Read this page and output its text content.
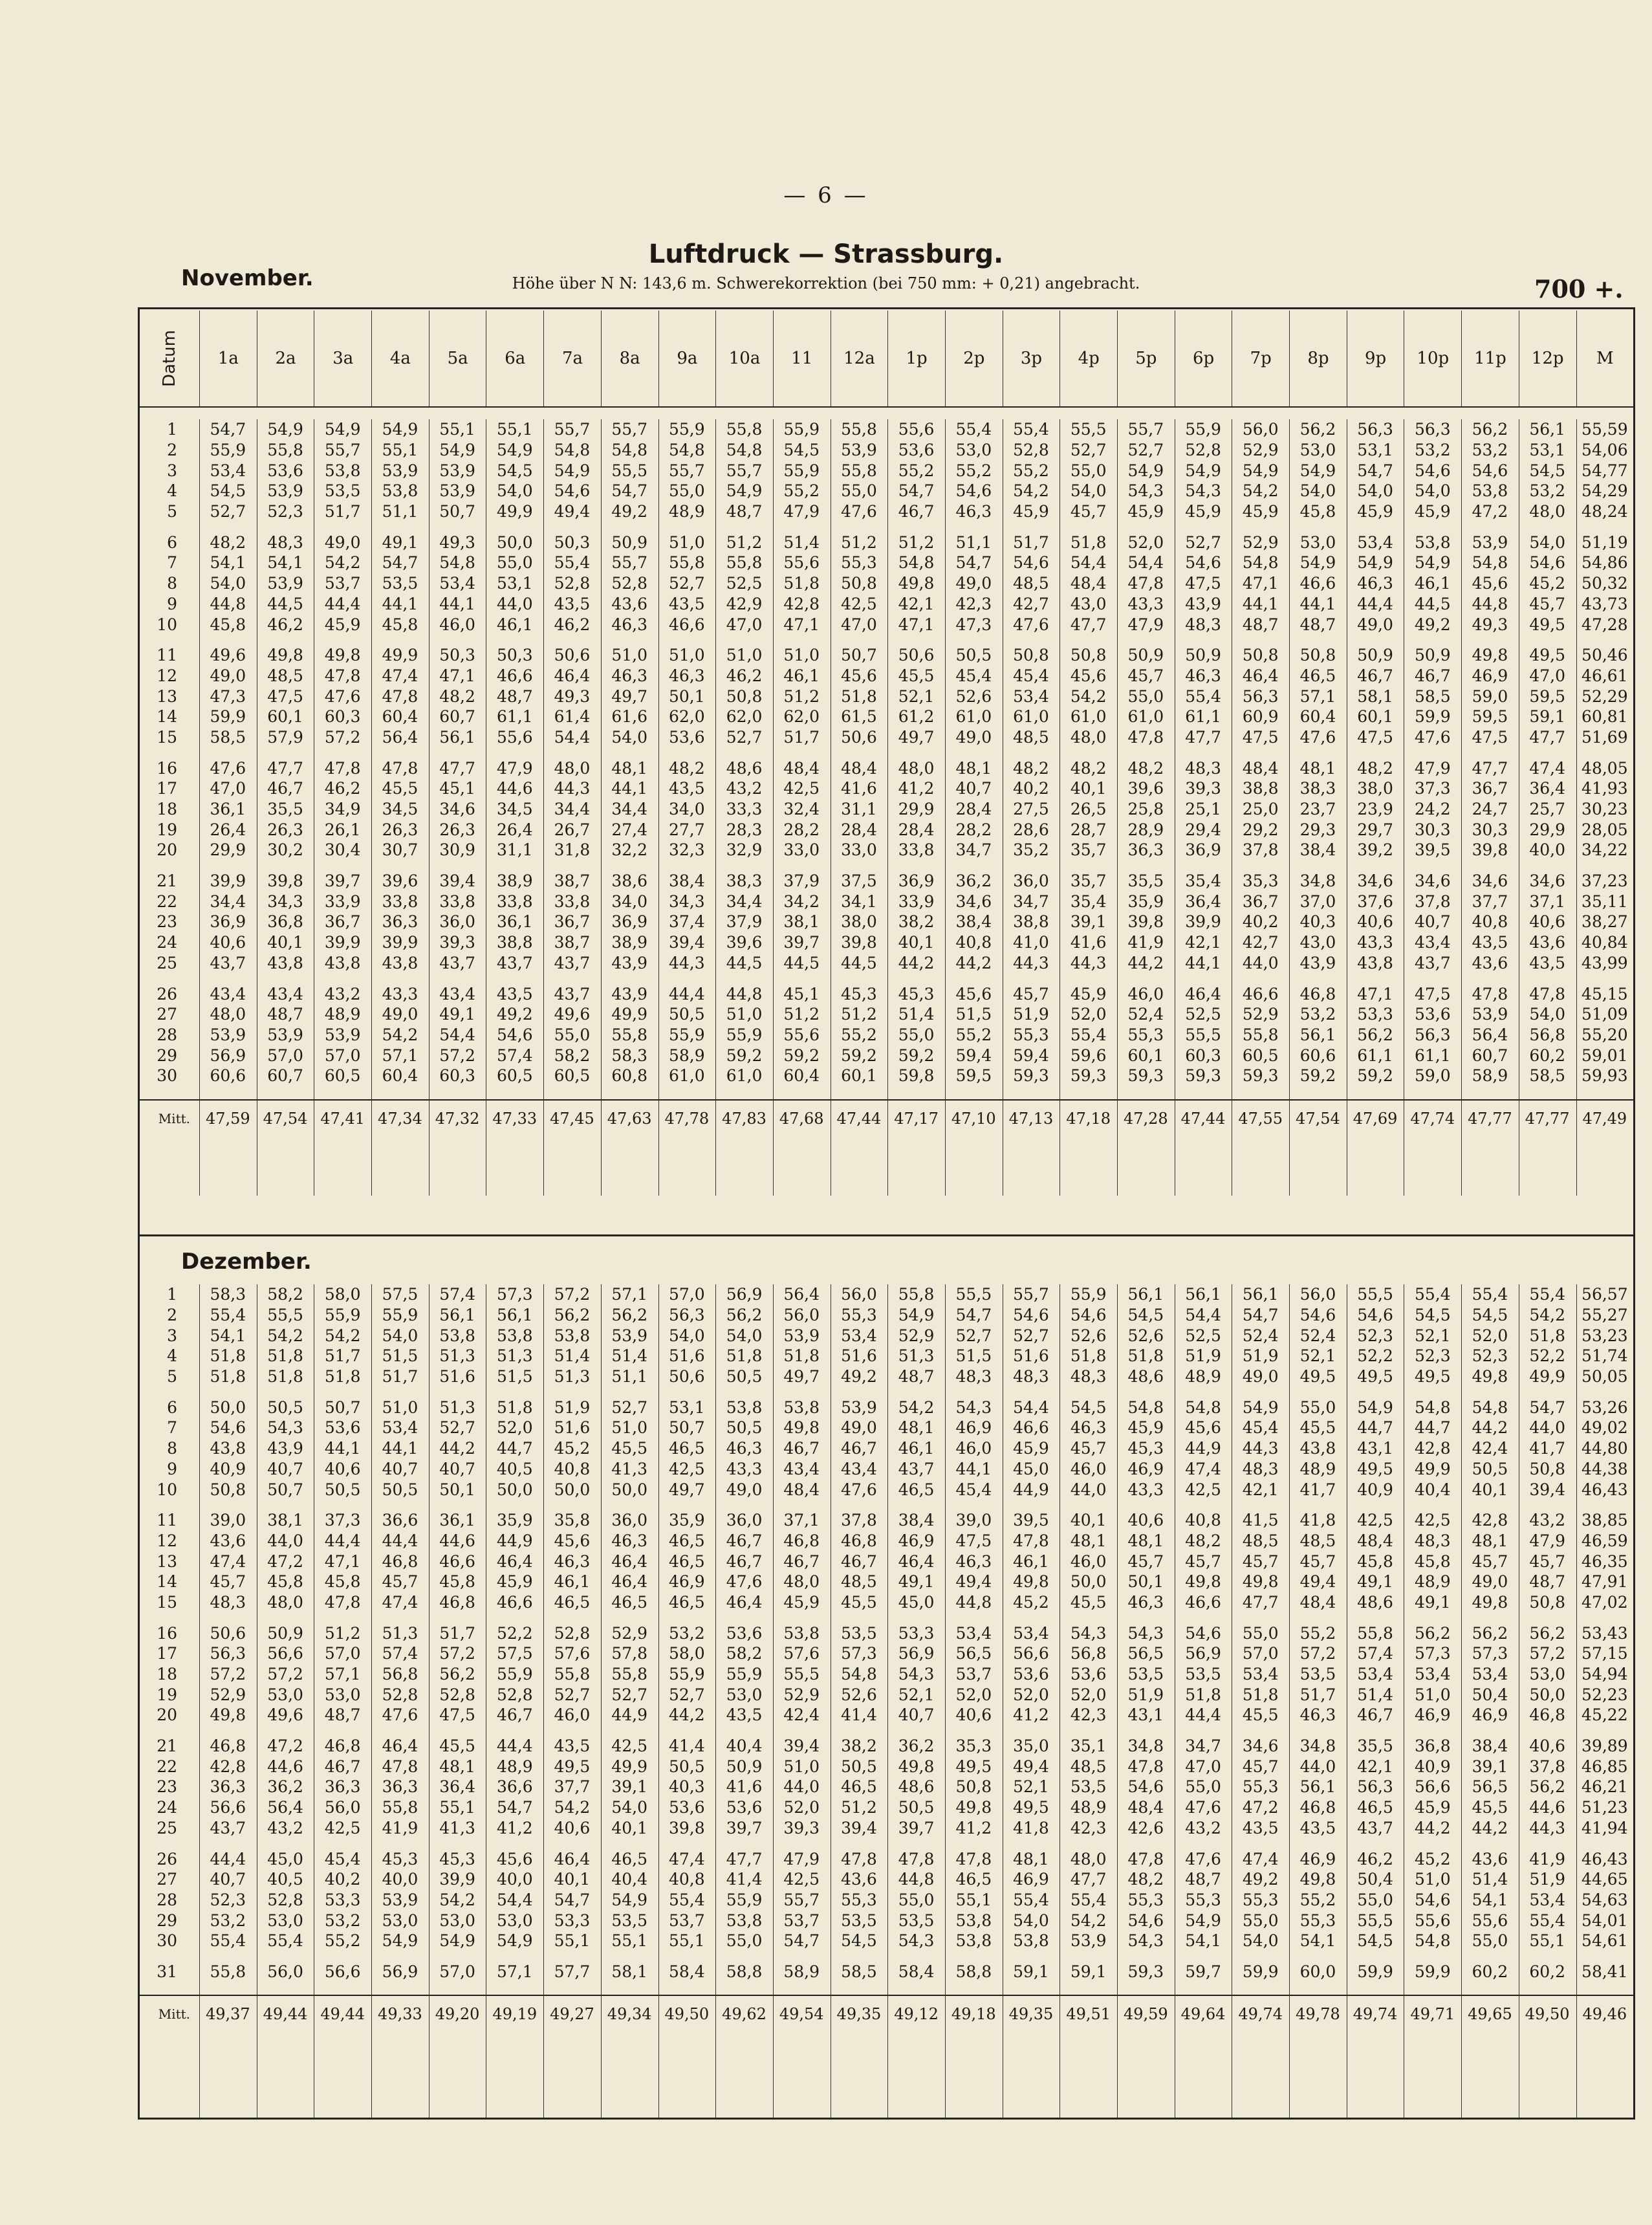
— 6 —
Luftdruck — Strassburg.
November.	Höhe über N N: 143,6 m. Schwerekorrektion (bei 750 mm: + 0,21) angebracht.	700 +.
Datum	1a	2a	3a	4a	5a	6a	7a	8a	9a	10a	11	12a	1p	2p	3p	4p	5p	6p	7p	8p	9p	10p	11p	12p	M
1	54,7	54,9	54,9	54,9	55,1	55,1	55,7	55,7	55,9	55,8	55,9	55,8	55,6	55,4	55,4	55,5	55,7	55,9	56,0	56,2	56,3	56,3	56,2	56,1	55,59
2	55,9	55,8	55,7	55,1	54,9	54,9	54,8	54,8	54,8	54,8	54,5	53,9	53,6	53,0	52,8	52,7	52,7	52,8	52,9	53,0	53,1	53,2	53,2	53,1	54,06
3	53,4	53,6	53,8	53,9	53,9	54,5	54,9	55,5	55,7	55,7	55,9	55,8	55,2	55,2	55,2	55,0	54,9	54,9	54,9	54,9	54,7	54,6	54,6	54,5	54,77
4	54,5	53,9	53,5	53,8	53,9	54,0	54,6	54,7	55,0	54,9	55,2	55,0	54,7	54,6	54,2	54,0	54,3	54,3	54,2	54,0	54,0	54,0	53,8	53,2	54,29
5	52,7	52,3	51,7	51,1	50,7	49,9	49,4	49,2	48,9	48,7	47,9	47,6	46,7	46,3	45,9	45,7	45,9	45,9	45,9	45,8	45,9	45,9	47,2	48,0	48,24
6	48,2	48,3	49,0	49,1	49,3	50,0	50,3	50,9	51,0	51,2	51,4	51,2	51,2	51,1	51,7	51,8	52,0	52,7	52,9	53,0	53,4	53,8	53,9	54,0	51,19
7	54,1	54,1	54,2	54,7	54,8	55,0	55,4	55,7	55,8	55,8	55,6	55,3	54,8	54,7	54,6	54,4	54,4	54,6	54,8	54,9	54,9	54,9	54,8	54,6	54,86
8	54,0	53,9	53,7	53,5	53,4	53,1	52,8	52,8	52,7	52,5	51,8	50,8	49,8	49,0	48,5	48,4	47,8	47,5	47,1	46,6	46,3	46,1	45,6	45,2	50,32
9	44,8	44,5	44,4	44,1	44,1	44,0	43,5	43,6	43,5	42,9	42,8	42,5	42,1	42,3	42,7	43,0	43,3	43,9	44,1	44,1	44,4	44,5	44,8	45,7	43,73
10	45,8	46,2	45,9	45,8	46,0	46,1	46,2	46,3	46,6	47,0	47,1	47,0	47,1	47,3	47,6	47,7	47,9	48,3	48,7	48,7	49,0	49,2	49,3	49,5	47,28
11	49,6	49,8	49,8	49,9	50,3	50,3	50,6	51,0	51,0	51,0	51,0	50,7	50,6	50,5	50,8	50,8	50,9	50,9	50,8	50,8	50,9	50,9	49,8	49,5	50,46
12	49,0	48,5	47,8	47,4	47,1	46,6	46,4	46,3	46,3	46,2	46,1	45,6	45,5	45,4	45,4	45,6	45,7	46,3	46,4	46,5	46,7	46,7	46,9	47,0	46,61
13	47,3	47,5	47,6	47,8	48,2	48,7	49,3	49,7	50,1	50,8	51,2	51,8	52,1	52,6	53,4	54,2	55,0	55,4	56,3	57,1	58,1	58,5	59,0	59,5	52,29
14	59,9	60,1	60,3	60,4	60,7	61,1	61,4	61,6	62,0	62,0	62,0	61,5	61,2	61,0	61,0	61,0	61,0	61,1	60,9	60,4	60,1	59,9	59,5	59,1	60,81
15	58,5	57,9	57,2	56,4	56,1	55,6	54,4	54,0	53,6	52,7	51,7	50,6	49,7	49,0	48,5	48,0	47,8	47,7	47,5	47,6	47,5	47,6	47,5	47,7	51,69
16	47,6	47,7	47,8	47,8	47,7	47,9	48,0	48,1	48,2	48,6	48,4	48,4	48,0	48,1	48,2	48,2	48,2	48,3	48,4	48,1	48,2	47,9	47,7	47,4	48,05
17	47,0	46,7	46,2	45,5	45,1	44,6	44,3	44,1	43,5	43,2	42,5	41,6	41,2	40,7	40,2	40,1	39,6	39,3	38,8	38,3	38,0	37,3	36,7	36,4	41,93
18	36,1	35,5	34,9	34,5	34,6	34,5	34,4	34,4	34,0	33,3	32,4	31,1	29,9	28,4	27,5	26,5	25,8	25,1	25,0	23,7	23,9	24,2	24,7	25,7	30,23
19	26,4	26,3	26,1	26,3	26,3	26,4	26,7	27,4	27,7	28,3	28,2	28,4	28,4	28,2	28,6	28,7	28,9	29,4	29,2	29,3	29,7	30,3	30,3	29,9	28,05
20	29,9	30,2	30,4	30,7	30,9	31,1	31,8	32,2	32,3	32,9	33,0	33,0	33,8	34,7	35,2	35,7	36,3	36,9	37,8	38,4	39,2	39,5	39,8	40,0	34,22
21	39,9	39,8	39,7	39,6	39,4	38,9	38,7	38,6	38,4	38,3	37,9	37,5	36,9	36,2	36,0	35,7	35,5	35,4	35,3	34,8	34,6	34,6	34,6	34,6	37,23
22	34,4	34,3	33,9	33,8	33,8	33,8	33,8	34,0	34,3	34,4	34,2	34,1	33,9	34,6	34,7	35,4	35,9	36,4	36,7	37,0	37,6	37,8	37,7	37,1	35,11
23	36,9	36,8	36,7	36,3	36,0	36,1	36,7	36,9	37,4	37,9	38,1	38,0	38,2	38,4	38,8	39,1	39,8	39,9	40,2	40,3	40,6	40,7	40,8	40,6	38,27
24	40,6	40,1	39,9	39,9	39,3	38,8	38,7	38,9	39,4	39,6	39,7	39,8	40,1	40,8	41,0	41,6	41,9	42,1	42,7	43,0	43,3	43,4	43,5	43,6	40,84
25	43,7	43,8	43,8	43,8	43,7	43,7	43,7	43,9	44,3	44,5	44,5	44,5	44,2	44,2	44,3	44,3	44,2	44,1	44,0	43,9	43,8	43,7	43,6	43,5	43,99
26	43,4	43,4	43,2	43,3	43,4	43,5	43,7	43,9	44,4	44,8	45,1	45,3	45,3	45,6	45,7	45,9	46,0	46,4	46,6	46,8	47,1	47,5	47,8	47,8	45,15
27	48,0	48,7	48,9	49,0	49,1	49,2	49,6	49,9	50,5	51,0	51,2	51,2	51,4	51,5	51,9	52,0	52,4	52,5	52,9	53,2	53,3	53,6	53,9	54,0	51,09
28	53,9	53,9	53,9	54,2	54,4	54,6	55,0	55,8	55,9	55,9	55,6	55,2	55,0	55,2	55,3	55,4	55,3	55,5	55,8	56,1	56,2	56,3	56,4	56,8	55,20
29	56,9	57,0	57,0	57,1	57,2	57,4	58,2	58,3	58,9	59,2	59,2	59,2	59,2	59,4	59,4	59,6	60,1	60,3	60,5	60,6	61,1	61,1	60,7	60,2	59,01
30	60,6	60,7	60,5	60,4	60,3	60,5	60,5	60,8	61,0	61,0	60,4	60,1	59,8	59,5	59,3	59,3	59,3	59,3	59,3	59,2	59,2	59,0	58,9	58,5	59,93
Mitt. 47,59 47,54 47,41 47,34 47,32 47,33 47,45 47,63 47,78 47,83 47,68 47,44 47,17 47,10 47,13 47,18 47,28 47,44 47,55 47,54 47,69 47,74 47,77 47,77 47,49
Dezember.
1	58,3	58,2	58,0	57,5	57,4	57,3	57,2	57,1	57,0	56,9	56,4	56,0	55,8	55,5	55,7	55,9	56,1	56,1	56,1	56,0	55,5	55,4	55,4	55,4	56,57
2	55,4	55,5	55,9	55,9	56,1	56,1	56,2	56,2	56,3	56,2	56,0	55,3	54,9	54,7	54,6	54,6	54,5	54,4	54,7	54,6	54,6	54,5	54,5	54,2	55,27
3	54,1	54,2	54,2	54,0	53,8	53,8	53,8	53,9	54,0	54,0	53,9	53,4	52,9	52,7	52,7	52,6	52,6	52,5	52,4	52,4	52,3	52,1	52,0	51,8	53,23
4	51,8	51,8	51,7	51,5	51,3	51,3	51,4	51,4	51,6	51,8	51,8	51,6	51,3	51,5	51,6	51,8	51,8	51,9	51,9	52,1	52,2	52,3	52,3	52,2	51,74
5	51,8	51,8	51,8	51,7	51,6	51,5	51,3	51,1	50,6	50,5	49,7	49,2	48,7	48,3	48,3	48,3	48,6	48,9	49,0	49,5	49,5	49,5	49,8	49,9	50,05
6	50,0	50,5	50,7	51,0	51,3	51,8	51,9	52,7	53,1	53,8	53,8	53,9	54,2	54,3	54,4	54,5	54,8	54,8	54,9	55,0	54,9	54,8	54,8	54,7	53,26
7	54,6	54,3	53,6	53,4	52,7	52,0	51,6	51,0	50,7	50,5	49,8	49,0	48,1	46,9	46,6	46,3	45,9	45,6	45,4	45,5	44,7	44,7	44,2	44,0	49,02
8	43,8	43,9	44,1	44,1	44,2	44,7	45,2	45,5	46,5	46,3	46,7	46,7	46,1	46,0	45,9	45,7	45,3	44,9	44,3	43,8	43,1	42,8	42,4	41,7	44,80
9	40,9	40,7	40,6	40,7	40,7	40,5	40,8	41,3	42,5	43,3	43,4	43,4	43,7	44,1	45,0	46,0	46,9	47,4	48,3	48,9	49,5	49,9	50,5	50,8	44,38
10	50,8	50,7	50,5	50,5	50,1	50,0	50,0	50,0	49,7	49,0	48,4	47,6	46,5	45,4	44,9	44,0	43,3	42,5	42,1	41,7	40,9	40,4	40,1	39,4	46,43
11	39,0	38,1	37,3	36,6	36,1	35,9	35,8	36,0	35,9	36,0	37,1	37,8	38,4	39,0	39,5	40,1	40,6	40,8	41,5	41,8	42,5	42,5	42,8	43,2	38,85
12	43,6	44,0	44,4	44,4	44,6	44,9	45,6	46,3	46,5	46,7	46,8	46,8	46,9	47,5	47,8	48,1	48,1	48,2	48,5	48,5	48,4	48,3	48,1	47,9	46,59
13	47,4	47,2	47,1	46,8	46,6	46,4	46,3	46,4	46,5	46,7	46,7	46,7	46,4	46,3	46,1	46,0	45,7	45,7	45,7	45,7	45,8	45,8	45,7	45,7	46,35
14	45,7	45,8	45,8	45,7	45,8	45,9	46,1	46,4	46,9	47,6	48,0	48,5	49,1	49,4	49,8	50,0	50,1	49,8	49,8	49,4	49,1	48,9	49,0	48,7	47,91
15	48,3	48,0	47,8	47,4	46,8	46,6	46,5	46,5	46,5	46,4	45,9	45,5	45,0	44,8	45,2	45,5	46,3	46,6	47,7	48,4	48,6	49,1	49,8	50,8	47,02
16	50,6	50,9	51,2	51,3	51,7	52,2	52,8	52,9	53,2	53,6	53,8	53,5	53,3	53,4	53,4	54,3	54,3	54,6	55,0	55,2	55,8	56,2	56,2	56,2	53,43
17	56,3	56,6	57,0	57,4	57,2	57,5	57,6	57,8	58,0	58,2	57,6	57,3	56,9	56,5	56,6	56,8	56,5	56,9	57,0	57,2	57,4	57,3	57,3	57,2	57,15
18	57,2	57,2	57,1	56,8	56,2	55,9	55,8	55,8	55,9	55,9	55,5	54,8	54,3	53,7	53,6	53,6	53,5	53,5	53,4	53,5	53,4	53,4	53,4	53,0	54,94
19	52,9	53,0	53,0	52,8	52,8	52,8	52,7	52,7	52,7	53,0	52,9	52,6	52,1	52,0	52,0	52,0	51,9	51,8	51,8	51,7	51,4	51,0	50,4	50,0	52,23
20	49,8	49,6	48,7	47,6	47,5	46,7	46,0	44,9	44,2	43,5	42,4	41,4	40,7	40,6	41,2	42,3	43,1	44,4	45,5	46,3	46,7	46,9	46,9	46,8	45,22
21	46,8	47,2	46,8	46,4	45,5	44,4	43,5	42,5	41,4	40,4	39,4	38,2	36,2	35,3	35,0	35,1	34,8	34,7	34,6	34,8	35,5	36,8	38,4	40,6	39,89
22	42,8	44,6	46,7	47,8	48,1	48,9	49,5	49,9	50,5	50,9	51,0	50,5	49,8	49,5	49,4	48,5	47,8	47,0	45,7	44,0	42,1	40,9	39,1	37,8	46,85
23	36,3	36,2	36,3	36,3	36,4	36,6	37,7	39,1	40,3	41,6	44,0	46,5	48,6	50,8	52,1	53,5	54,6	55,0	55,3	56,1	56,3	56,6	56,5	56,2	46,21
24	56,6	56,4	56,0	55,8	55,1	54,7	54,2	54,0	53,6	53,6	52,0	51,2	50,5	49,8	49,5	48,9	48,4	47,6	47,2	46,8	46,5	45,9	45,5	44,6	51,23
25	43,7	43,2	42,5	41,9	41,3	41,2	40,6	40,1	39,8	39,7	39,3	39,4	39,7	41,2	41,8	42,3	42,6	43,2	43,5	43,5	43,7	44,2	44,2	44,3	41,94
26	44,4	45,0	45,4	45,3	45,3	45,6	46,4	46,5	47,4	47,7	47,9	47,8	47,8	47,8	48,1	48,0	47,8	47,6	47,4	46,9	46,2	45,2	43,6	41,9	46,43
27	40,7	40,5	40,2	40,0	39,9	40,0	40,1	40,4	40,8	41,4	42,5	43,6	44,8	46,5	46,9	47,7	48,2	48,7	49,2	49,8	50,4	51,0	51,4	51,9	44,65
28	52,3	52,8	53,3	53,9	54,2	54,4	54,7	54,9	55,4	55,9	55,7	55,3	55,0	55,1	55,4	55,4	55,3	55,3	55,3	55,2	55,0	54,6	54,1	53,4	54,63
29	53,2	53,0	53,2	53,0	53,0	53,0	53,3	53,5	53,7	53,8	53,7	53,5	53,5	53,8	54,0	54,2	54,6	54,9	55,0	55,3	55,5	55,6	55,6	55,4	54,01
30	55,4	55,4	55,2	54,9	54,9	54,9	55,1	55,1	55,1	55,0	54,7	54,5	54,3	53,8	53,8	53,9	54,3	54,1	54,0	54,1	54,5	54,8	55,0	55,1	54,61
31	55,8	56,0	56,6	56,9	57,0	57,1	57,7	58,1	58,4	58,8	58,9	58,5	58,4	58,8	59,1	59,1	59,3	59,7	59,9	60,0	59,9	59,9	60,2	60,2	58,41
Mitt. 49,37 49,44 49,44 49,33 49,20 49,19 49,27 49,34 49,50 49,62 49,54 49,35 49,12 49,18 49,35 49,51 49,59 49,64 49,74 49,78 49,74 49,71 49,65 49,50 49,46
